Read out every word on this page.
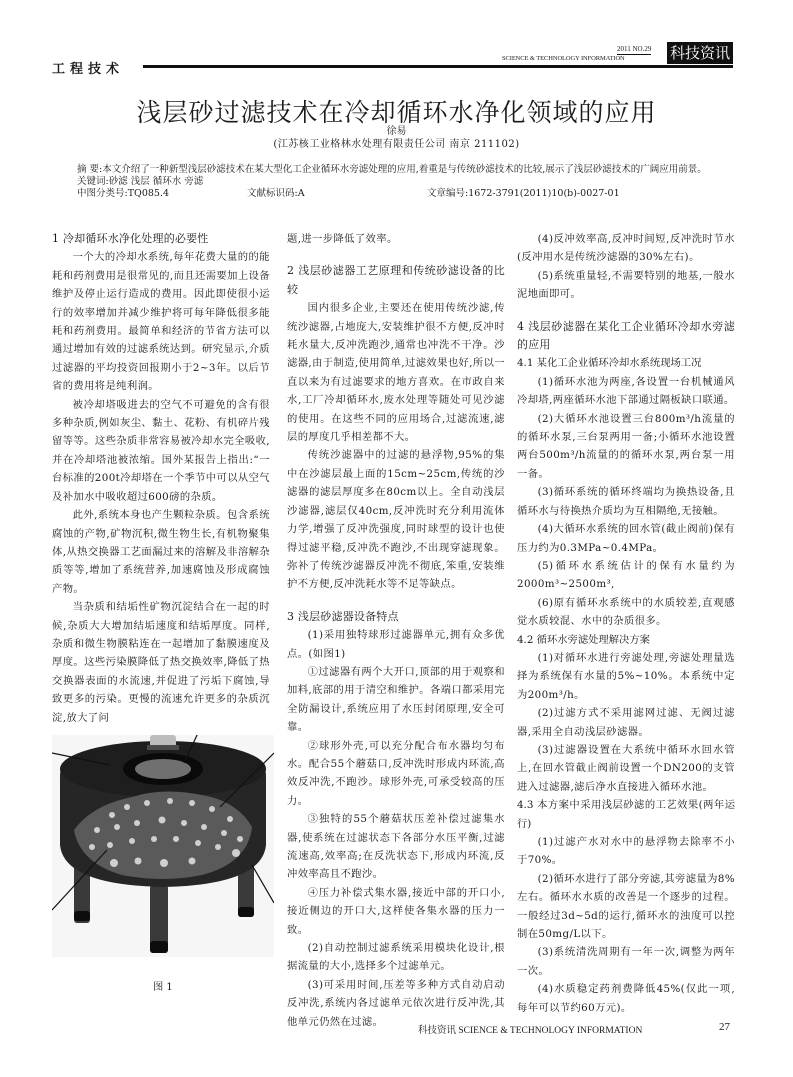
工程技术
2011 NO.29
SCIENCE & TECHNOLOGY INFORMATION	科技资讯
浅层砂过滤技术在冷却循环水净化领域的应用
徐易
(江苏核工业格林水处理有限责任公司 南京 211102)
摘 要:本文介绍了一种新型浅层砂滤技术在某大型化工企业循环水旁滤处理的应用,着重是与传统砂滤技术的比较,展示了浅层砂滤技术的广阔应用前景。
关键词:砂滤 浅层 循环水 旁滤
中图分类号:TQ085.4	文献标识码:A	文章编号:1672-3791(2011)10(b)-0027-01
1 冷却循环水净化处理的必要性

一个大的冷却水系统,每年花费大量的的能耗和药剂费用是很常见的,而且还需要加上设备维护及停止运行造成的费用。因此即使很小运行的效率增加并减少维护将可每年降低很多能耗和药剂费用。最简单和经济的节省方法可以通过增加有效的过滤系统达到。研究显示,介质过滤器的平均投资回报期小于2~3年。以后节省的费用将是纯利润。

被冷却塔吸进去的空气不可避免的含有很多种杂质,例如灰尘、黏土、花粉、有机碎片残留等等。这些杂质非常容易被冷却水完全吸收,并在冷却塔池被浓缩。国外某报告上指出:“一台标准的200t冷却塔在一个季节中可以从空气及补加水中吸收超过600磅的杂质。

此外,系统本身也产生颗粒杂质。包含系统腐蚀的产物,矿物沉积,微生物生长,有机物聚集体,从热交换器工艺面漏过来的溶解及非溶解杂质等等,增加了系统营养,加速腐蚀及形成腐蚀产物。

当杂质和结垢性矿物沉淀结合在一起的时候,杂质大大增加结垢速度和结垢厚度。同样,杂质和微生物膜粘连在一起增加了黏膜速度及厚度。这些污染膜降低了热交换效率,降低了热交换器表面的水流速,并促进了污垢下腐蚀,导致更多的污染。更慢的流速允许更多的杂质沉淀,放大了问

图 1

题,进一步降低了效率。

2 浅层砂滤器工艺原理和传统砂滤设备的比较

国内很多企业,主要还在使用传统沙滤,传统沙滤器,占地庞大,安装维护很不方便,反冲时耗水量大,反冲洗跑沙,通常也冲洗不干净。沙滤器,由于制造,使用简单,过滤效果也好,所以一直以来为有过滤要求的地方喜欢。在市政自来水,工厂冷却循环水,废水处理等随处可见沙滤的使用。在这些不同的应用场合,过滤流速,滤层的厚度几乎相差都不大。

传统沙滤器中的过滤的悬浮物,95%的集中在沙滤层最上面的15cm~25cm,传统的沙滤器的滤层厚度多在80cm以上。全自动浅层沙滤器,滤层仅40cm,反冲洗时充分利用流体力学,增强了反冲洗强度,同时球型的设计也使得过滤平稳,反冲洗不跑沙,不出现穿滤现象。弥补了传统沙滤器反冲洗不彻底,笨重,安装维护不方便,反冲洗耗水等不足等缺点。

3 浅层砂滤器设备特点

(1)采用独特球形过滤器单元,拥有众多优点。(如图1)

①过滤器有两个大开口,顶部的用于观察和加料,底部的用于清空和维护。各端口都采用完全防漏设计,系统应用了水压封闭原理,安全可靠。

②球形外壳,可以充分配合布水器均匀布水。配合55个蘑菇口,反冲洗时形成内环流,高效反冲洗,不跑沙。球形外壳,可承受较高的压力。

③独特的55个蘑菇状压差补偿过滤集水器,使系统在过滤状态下各部分水压平衡,过滤流速高,效率高;在反洗状态下,形成内环流,反冲效率高且不跑沙。

④压力补偿式集水器,接近中部的开口小,接近侧边的开口大,这样使各集水器的压力一致。

(2)自动控制过滤系统采用模块化设计,根据流量的大小,选择多个过滤单元。

(3)可采用时间,压差等多种方式自动启动反冲洗,系统内各过滤单元依次进行反冲洗,其他单元仍然在过滤。

(4)反冲效率高,反冲时间短,反冲洗时节水(反冲用水是传统沙滤器的30%左右)。

(5)系统重量轻,不需要特别的地基,一般水泥地面即可。

4 浅层砂滤器在某化工企业循环冷却水旁滤的应用
4.1 某化工企业循环冷却水系统现场工况

(1)循环水池为两座,各设置一台机械通风冷却塔,两座循环水池下部通过隔板缺口联通。

(2)大循环水池设置三台800m³/h流量的的循环水泵,三台泵两用一备;小循环水池设置两台500m³/h流量的的循环水泵,两台泵一用一备。

(3)循环系统的循环终端均为换热设备,且循环水与待换热介质均为互相隔绝,无接触。

(4)大循环水系统的回水管(截止阀前)保有压力约为0.3MPa~0.4MPa。

(5)循环水系统估计的保有水量约为2000m³~2500m³,

(6)原有循环水系统中的水质较差,直观感觉水质较混、水中的杂质很多。

4.2 循环水旁滤处理解决方案

(1)对循环水进行旁滤处理,旁滤处理量选择为系统保有水量的5%~10%。本系统中定为200m³/h。

(2)过滤方式不采用滤网过滤、无阀过滤器,采用全自动浅层砂滤器。

(3)过滤器设置在大系统中循环水回水管上,在回水管截止阀前设置一个DN200的支管进入过滤器,滤后净水直接进入循环水池。

4.3 本方案中采用浅层砂滤的工艺效果(两年运行)

(1)过滤产水对水中的悬浮物去除率不小于70%。

(2)循环水进行了部分旁滤,其旁滤量为8%左右。循环水水质的改善是一个逐步的过程。一般经过3d~5d的运行,循环水的浊度可以控制在50mg/L以下。

(3)系统清洗周期有一年一次,调整为两年一次。

(4)水质稳定药剂费降低45%(仅此一项,每年可以节约60万元)。

科技资讯 SCIENCE & TECHNOLOGY INFORMATION	27
